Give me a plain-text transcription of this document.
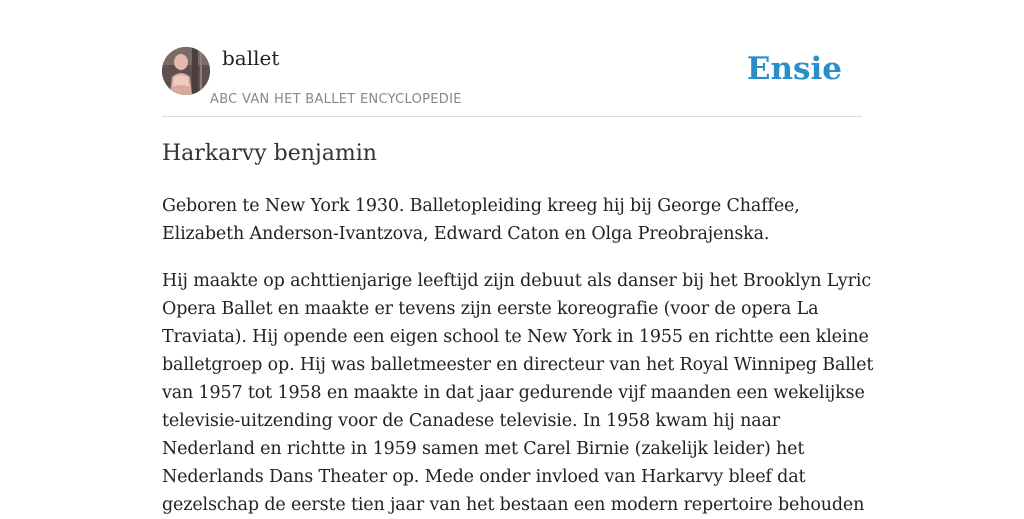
ballet
ABC VAN HET BALLET ENCYCLOPEDIE
Ensie
Harkarvy benjamin

Geboren te New York 1930. Balletopleiding kreeg hij bij George Chaffee,
Elizabeth Anderson-Ivantzova, Edward Caton en Olga Preobrajenska.

Hij maakte op achttienjarige leeftijd zijn debuut als danser bij het Brooklyn Lyric
Opera Ballet en maakte er tevens zijn eerste koreografie (voor de opera La
Traviata). Hij opende een eigen school te New York in 1955 en richtte een kleine
balletgroep op. Hij was balletmeester en directeur van het Royal Winnipeg Ballet
van 1957 tot 1958 en maakte in dat jaar gedurende vijf maanden een wekelijkse
televisie-uitzending voor de Canadese televisie. In 1958 kwam hij naar
Nederland en richtte in 1959 samen met Carel Birnie (zakelijk leider) het
Nederlands Dans Theater op. Mede onder invloed van Harkarvy bleef dat
gezelschap de eerste tien jaar van het bestaan een modern repertoire behouden
